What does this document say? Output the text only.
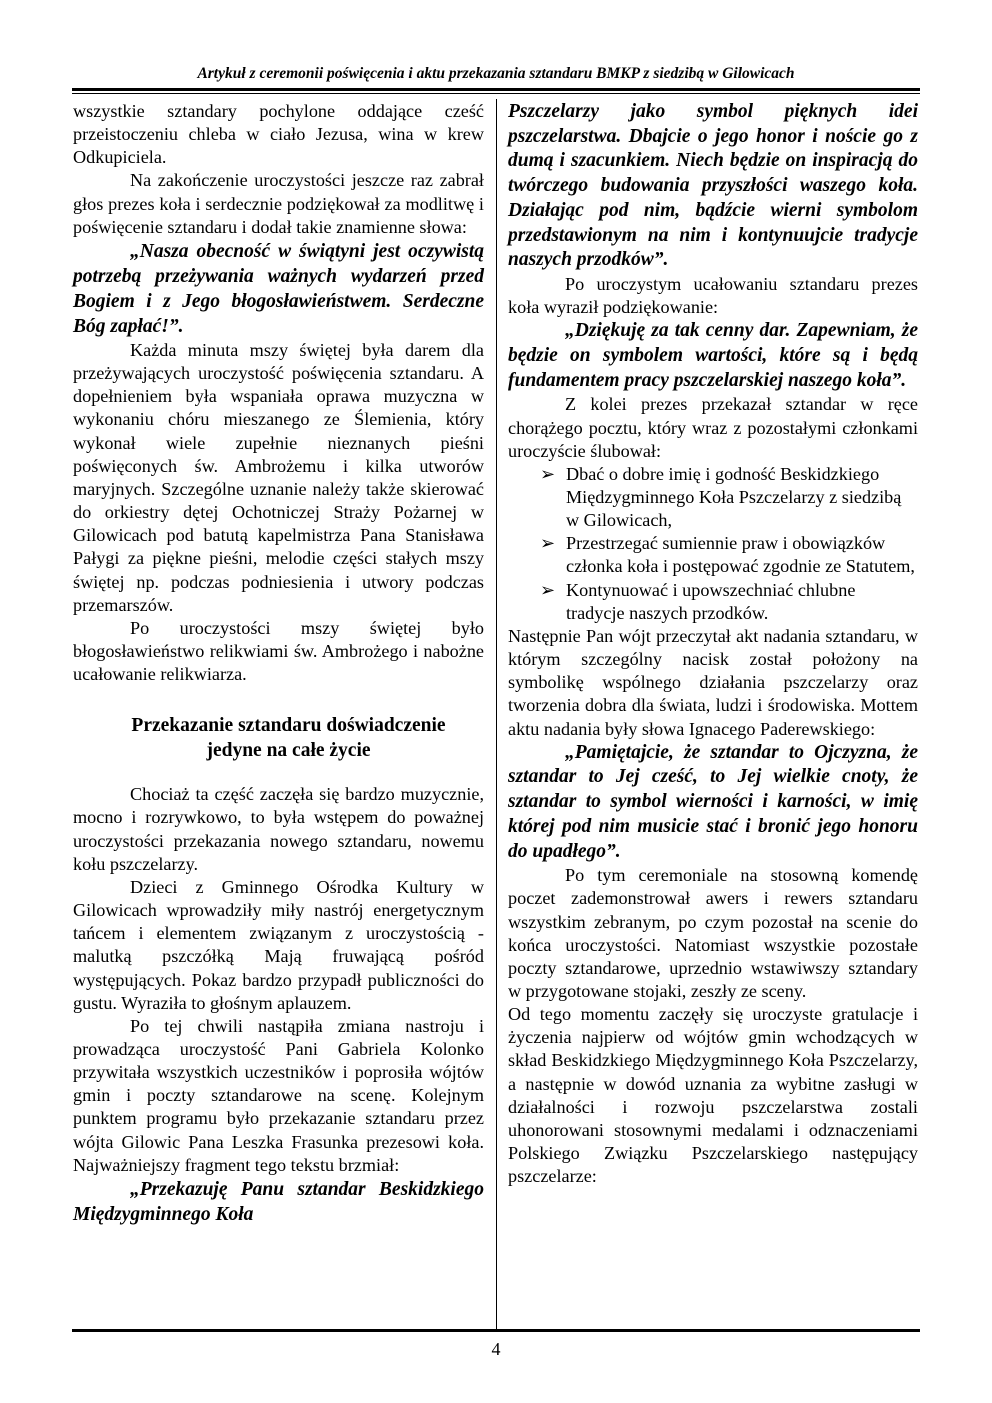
Artykuł z ceremonii poświęcenia i aktu przekazania sztandaru BMKP z siedzibą w Gilowicach

wszystkie sztandary pochylone oddające cześć przeistoczeniu chleba w ciało Jezusa, wina w krew Odkupiciela.

Na zakończenie uroczystości jeszcze raz zabrał głos prezes koła i serdecznie podziękował za modlitwę i poświęcenie sztandaru i dodał takie znamienne słowa:

„Nasza obecność w świątyni jest oczywistą potrzebą przeżywania ważnych wydarzeń przed Bogiem i z Jego błogosławieństwem. Serdeczne Bóg zapłać!”.

Każda minuta mszy świętej była darem dla przeżywających uroczystość poświęcenia sztandaru. A dopełnieniem była wspaniała oprawa muzyczna w wykonaniu chóru mieszanego ze Ślemienia, który wykonał wiele zupełnie nieznanych pieśni poświęconych św. Ambrożemu i kilka utworów maryjnych. Szczególne uznanie należy także skierować do orkiestry dętej Ochotniczej Straży Pożarnej w Gilowicach pod batutą kapelmistrza Pana Stanisława Pałygi za piękne pieśni, melodie części stałych mszy świętej np. podczas podniesienia i utwory podczas przemarszów.

Po uroczystości mszy świętej było błogosławieństwo relikwiami św. Ambrożego i nabożne ucałowanie relikwiarza.

Przekazanie sztandaru doświadczenie
jedyne na całe życie

Chociaż ta część zaczęła się bardzo muzycznie, mocno i rozrywkowo, to była wstępem do poważnej uroczystości przekazania nowego sztandaru, nowemu kołu pszczelarzy.

Dzieci z Gminnego Ośrodka Kultury w Gilowicach wprowadziły miły nastrój energetycznym tańcem i elementem związanym z uroczystością - malutką pszczółką Mają fruwającą pośród występujących. Pokaz bardzo przypadł publiczności do gustu. Wyraziła to głośnym aplauzem.

Po tej chwili nastąpiła zmiana nastroju i prowadząca uroczystość Pani Gabriela Kolonko przywitała wszystkich uczestników i poprosiła wójtów gmin i poczty sztandarowe na scenę. Kolejnym punktem programu było przekazanie sztandaru przez wójta Gilowic Pana Leszka Frasunka prezesowi koła. Najważniejszy fragment tego tekstu brzmiał:

„Przekazuję Panu sztandar Beskidzkiego Międzygminnego Koła

Pszczelarzy jako symbol pięknych idei pszczelarstwa. Dbajcie o jego honor i noście go z dumą i szacunkiem. Niech będzie on inspiracją do twórczego budowania przyszłości waszego koła. Działając pod nim, bądźcie wierni symbolom przedstawionym na nim i kontynuujcie tradycje naszych przodków”.

Po uroczystym ucałowaniu sztandaru prezes koła wyraził podziękowanie:

„Dziękuję za tak cenny dar. Zapewniam, że będzie on symbolem wartości, które są i będą fundamentem pracy pszczelarskiej naszego koła”.

Z kolei prezes przekazał sztandar w ręce chorążego pocztu, który wraz z pozostałymi członkami uroczyście ślubował:

➢ Dbać o dobre imię i godność Beskidzkiego Międzygminnego Koła Pszczelarzy z siedzibą w Gilowicach,
➢ Przestrzegać sumiennie praw i obowiązków członka koła i postępować zgodnie ze Statutem,
➢ Kontynuować i upowszechniać chlubne tradycje naszych przodków.

Następnie Pan wójt przeczytał akt nadania sztandaru, w którym szczególny nacisk został położony na symbolikę wspólnego działania pszczelarzy oraz tworzenia dobra dla świata, ludzi i środowiska. Mottem aktu nadania były słowa Ignacego Paderewskiego:

„Pamiętajcie, że sztandar to Ojczyzna, że sztandar to Jej cześć, to Jej wielkie cnoty, że sztandar to symbol wierności i karności, w imię której pod nim musicie stać i bronić jego honoru do upadłego”.

Po tym ceremoniale na stosowną komendę poczet zademonstrował awers i rewers sztandaru wszystkim zebranym, po czym pozostał na scenie do końca uroczystości. Natomiast wszystkie pozostałe poczty sztandarowe, uprzednio wstawiwszy sztandary w przygotowane stojaki, zeszły ze sceny.

Od tego momentu zaczęły się uroczyste gratulacje i życzenia najpierw od wójtów gmin wchodzących w skład Beskidzkiego Międzygminnego Koła Pszczelarzy, a następnie w dowód uznania za wybitne zasługi w działalności i rozwoju pszczelarstwa zostali uhonorowani stosownymi medalami i odznaczeniami Polskiego Związku Pszczelarskiego następujący pszczelarze:

4
